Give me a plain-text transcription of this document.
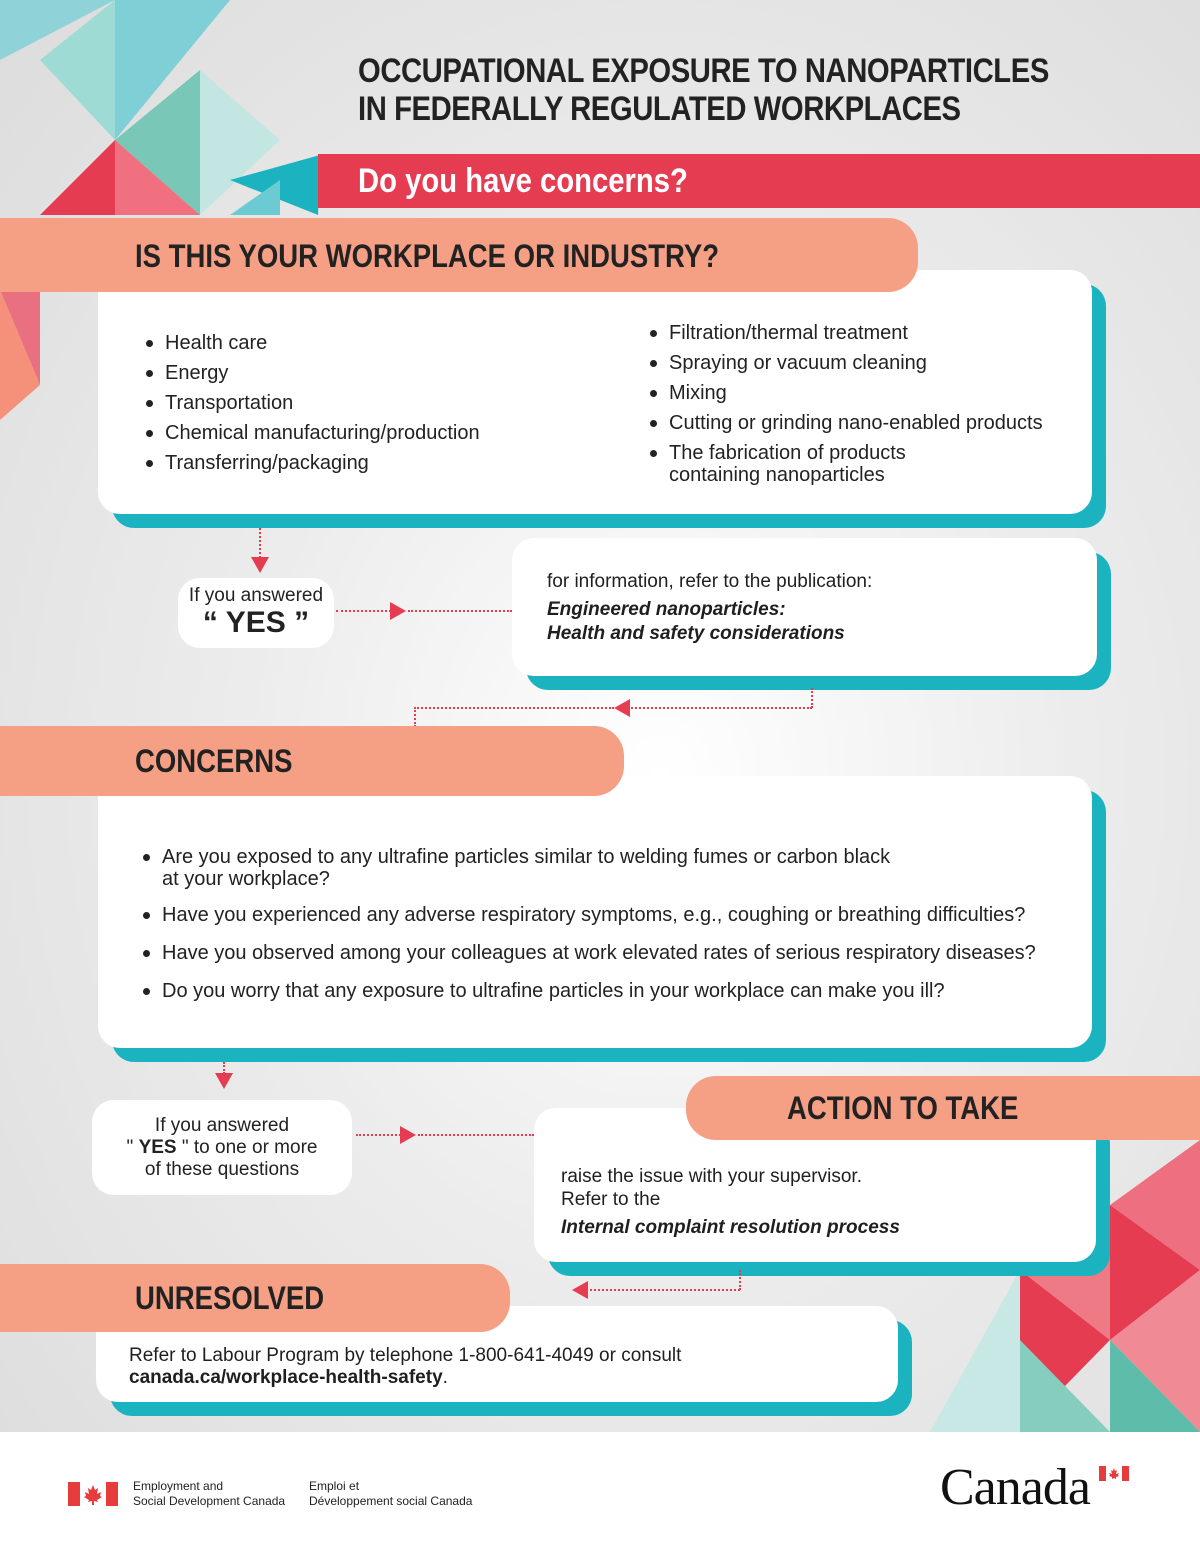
OCCUPATIONAL EXPOSURE TO NANOPARTICLES
IN FEDERALLY REGULATED WORKPLACES
Do you have concerns?
Health care
Energy
Transportation
Chemical manufacturing/production
Transferring/packaging
Filtration/thermal treatment
Spraying or vacuum cleaning
Mixing
Cutting or grinding nano-enabled products
The fabrication of products
containing nanoparticles
IS THIS YOUR WORKPLACE OR INDUSTRY?
If you answered
“ YES ”
for information, refer to the publication:
Engineered nanoparticles:
Health and safety considerations
Are you exposed to any ultrafine particles similar to welding fumes or carbon black
at your workplace?
Have you experienced any adverse respiratory symptoms, e.g., coughing or breathing difficulties?
Have you observed among your colleagues at work elevated rates of serious respiratory diseases?
Do you worry that any exposure to ultrafine particles in your workplace can make you ill?
CONCERNS
If you answered
" YES " to one or more
of these questions	raise the issue with your supervisor.
Refer to the
Internal complaint resolution process
ACTION TO TAKE
Refer to Labour Program by telephone 1-800-641-4049 or consult
canada.ca/workplace-health-safety.
UNRESOLVED
Employment and
Social Development Canada
Emploi et
Développement social Canada	Canada
